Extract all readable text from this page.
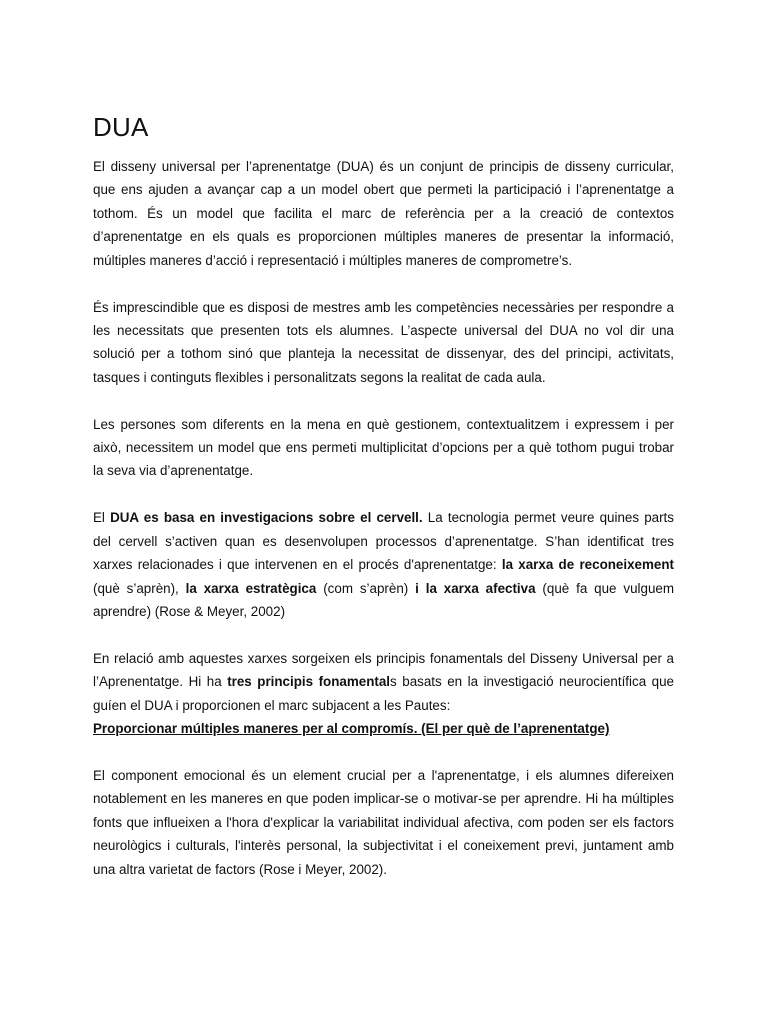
DUA

El disseny universal per l’aprenentatge (DUA) és un conjunt de principis de disseny curricular, que ens ajuden a avançar cap a un model obert que permeti la participació i l’aprenentatge a tothom. És un model que facilita el marc de referència per a la creació de contextos d’aprenentatge en els quals es proporcionen múltiples maneres de presentar la informació, múltiples maneres d’acció i representació i múltiples maneres de comprometre’s.

És imprescindible que es disposi de mestres amb les competències necessàries per respondre a les necessitats que presenten tots els alumnes. L’aspecte universal del DUA no vol dir una solució per a tothom sinó que planteja la necessitat de dissenyar, des del principi, activitats, tasques i continguts flexibles i personalitzats segons la realitat de cada aula.

Les persones som diferents en la mena en què gestionem, contextualitzem i expressem i per això, necessitem un model que ens permeti multiplicitat d’opcions per a què tothom pugui trobar la seva via d’aprenentatge.

El DUA es basa en investigacions sobre el cervell. La tecnologia permet veure quines parts del cervell s’activen quan es desenvolupen processos d’aprenentatge. S’han identificat tres xarxes relacionades i que intervenen en el procés d'aprenentatge: la xarxa de reconeixement (què s’aprèn), la xarxa estratègica (com s’aprèn) i la xarxa afectiva (què fa que vulguem aprendre) (Rose & Meyer, 2002)

En relació amb aquestes xarxes sorgeixen els principis fonamentals del Disseny Universal per a l’Aprenentatge. Hi ha tres principis fonamentals basats en la investigació neurocientífica que guíen el DUA i proporcionen el marc subjacent a les Pautes:

Proporcionar múltiples maneres per al compromís. (El per què de l’aprenentatge)

El component emocional és un element crucial per a l'aprenentatge, i els alumnes difereixen notablement en les maneres en que poden implicar-se o motivar-se per aprendre. Hi ha múltiples fonts que influeixen a l'hora d'explicar la variabilitat individual afectiva, com poden ser els factors neurològics i culturals, l'interès personal, la subjectivitat i el coneixement previ, juntament amb una altra varietat de factors (Rose i Meyer, 2002).
